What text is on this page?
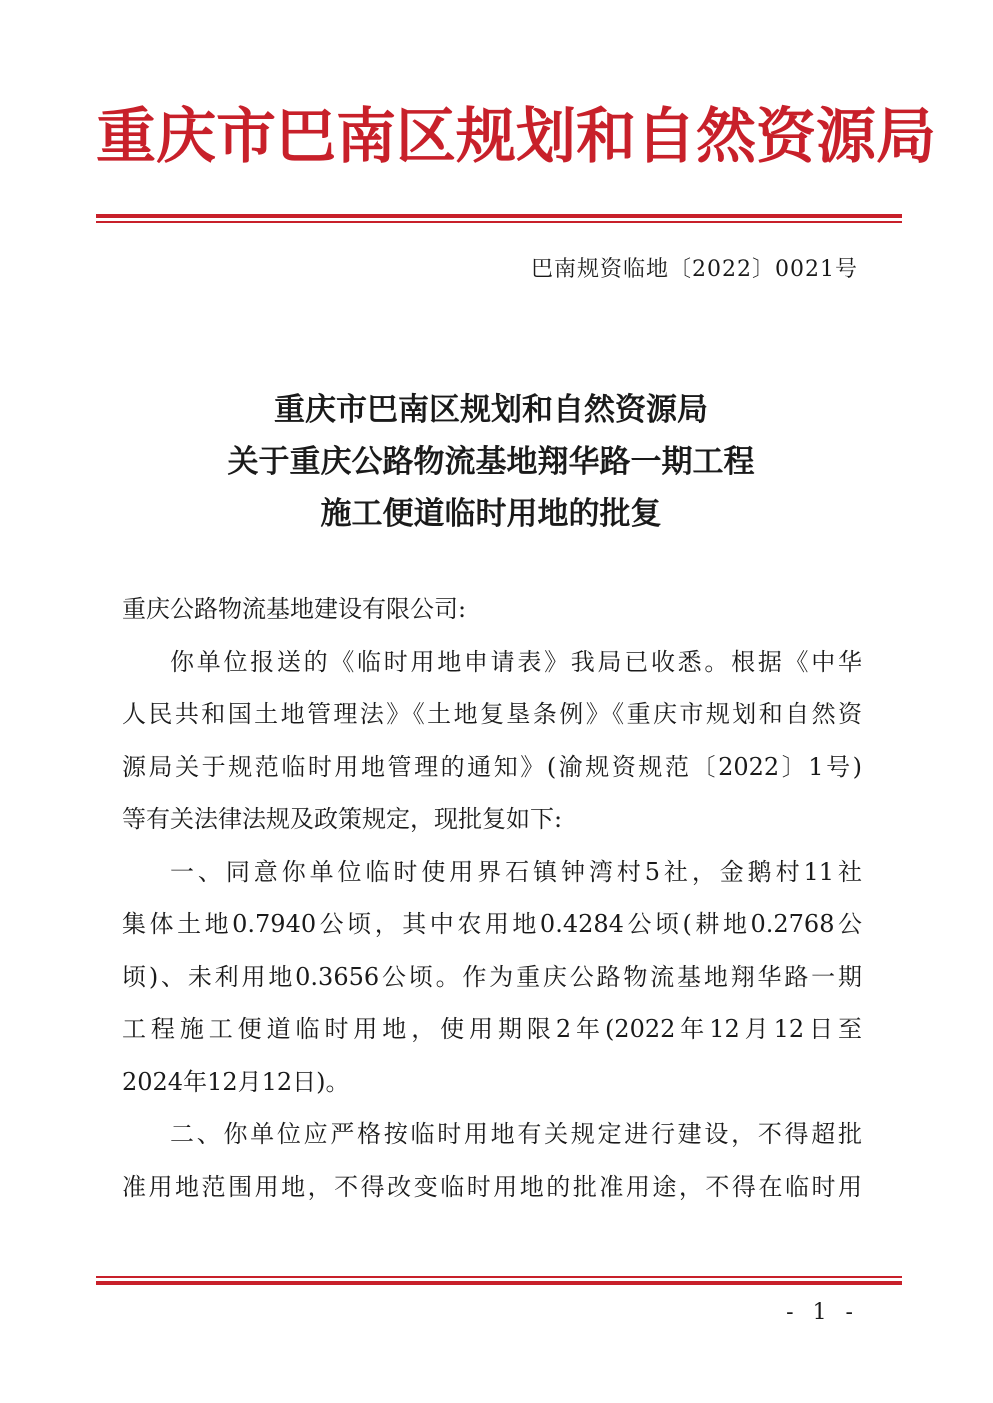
重庆市巴南区规划和自然资源局
巴南规资临地〔2022〕0021号
重庆市巴南区规划和自然资源局
关于重庆公路物流基地翔华路一期工程
施工便道临时用地的批复
重庆公路物流基地建设有限公司:
你单位报送的《临时用地申请表》我局已收悉。根据《中华
人民共和国土地管理法》《土地复垦条例》《重庆市规划和自然资
源局关于规范临时用地管理的通知》(渝规资规范〔2022〕1号)
等有关法律法规及政策规定，现批复如下:
一、同意你单位临时使用界石镇钟湾村5社，金鹅村11社
集体土地0.7940公顷，其中农用地0.4284公顷(耕地0.2768公
顷)、未利用地0.3656公顷。作为重庆公路物流基地翔华路一期
工程施工便道临时用地，使用期限2年(2022年12月12日至
2024年12月12日)。
二、你单位应严格按临时用地有关规定进行建设，不得超批
准用地范围用地，不得改变临时用地的批准用途，不得在临时用
- 1 -
